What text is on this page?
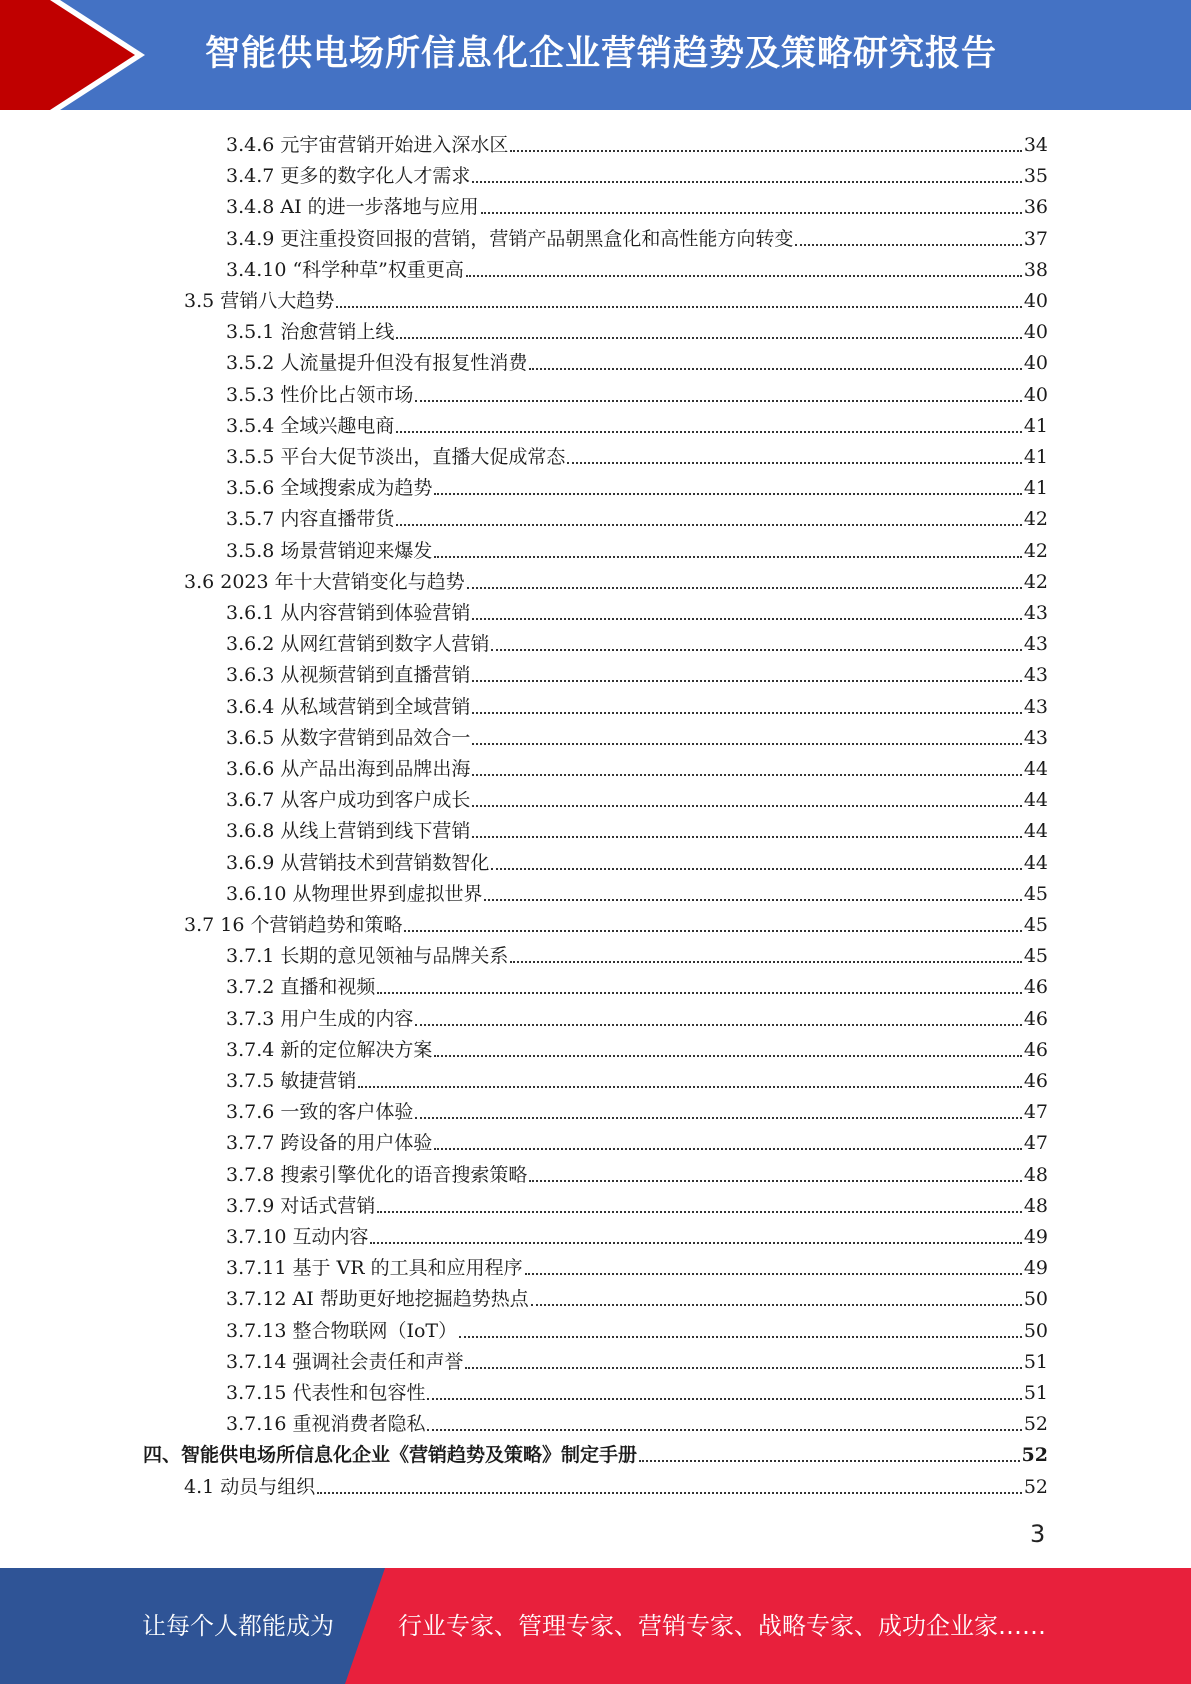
智能供电场所信息化企业营销趋势及策略研究报告
3.4.6 元宇宙营销开始进入深水区	34
3.4.7 更多的数字化人才需求	35
3.4.8 AI 的进一步落地与应用	36
3.4.9 更注重投资回报的营销，营销产品朝黑盒化和高性能方向转变	37
3.4.10 “科学种草”权重更高	38
3.5 营销八大趋势	40
3.5.1 治愈营销上线	40
3.5.2 人流量提升但没有报复性消费	40
3.5.3 性价比占领市场	40
3.5.4 全域兴趣电商	41
3.5.5 平台大促节淡出，直播大促成常态	41
3.5.6 全域搜索成为趋势	41
3.5.7 内容直播带货	42
3.5.8 场景营销迎来爆发	42
3.6 2023 年十大营销变化与趋势	42
3.6.1 从内容营销到体验营销	43
3.6.2 从网红营销到数字人营销	43
3.6.3 从视频营销到直播营销	43
3.6.4 从私域营销到全域营销	43
3.6.5 从数字营销到品效合一	43
3.6.6 从产品出海到品牌出海	44
3.6.7 从客户成功到客户成长	44
3.6.8 从线上营销到线下营销	44
3.6.9 从营销技术到营销数智化	44
3.6.10 从物理世界到虚拟世界	45
3.7 16 个营销趋势和策略	45
3.7.1 长期的意见领袖与品牌关系	45
3.7.2 直播和视频	46
3.7.3 用户生成的内容	46
3.7.4 新的定位解决方案	46
3.7.5 敏捷营销	46
3.7.6 一致的客户体验	47
3.7.7 跨设备的用户体验	47
3.7.8 搜索引擎优化的语音搜索策略	48
3.7.9 对话式营销	48
3.7.10 互动内容	49
3.7.11 基于 VR 的工具和应用程序	49
3.7.12 AI 帮助更好地挖掘趋势热点	50
3.7.13 整合物联网（IoT）	50
3.7.14 强调社会责任和声誉	51
3.7.15 代表性和包容性	51
3.7.16 重视消费者隐私	52
四、智能供电场所信息化企业《营销趋势及策略》制定手册	52
4.1 动员与组织	52
3
让每个人都能成为	行业专家、管理专家、营销专家、战略专家、成功企业家……
